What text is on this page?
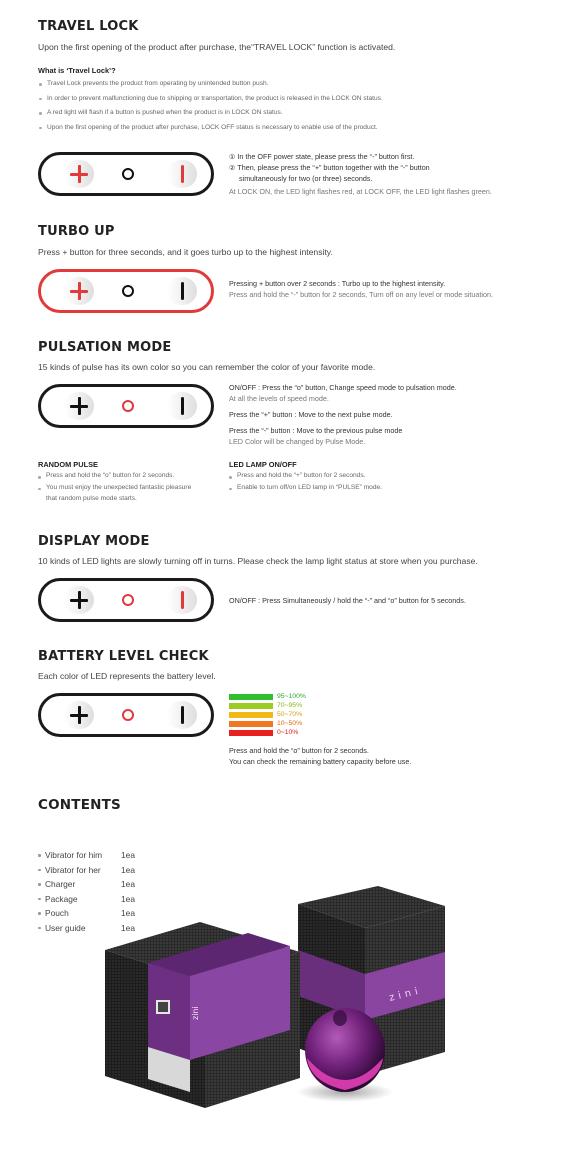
TRAVEL LOCK
Upon the first opening of the product after purchase, the“TRAVEL LOCK” function is activated.
What is ‘Travel Lock’?
Travel Lock prevents the product from operating by unintended button push.
In order to prevent malfunctioning due to shipping or transportation, the product is released in the LOCK ON status.
A red light will flash if a button is pushed when the product is in LOCK ON status.
Upon the first opening of the product after purchase, LOCK OFF status is necessary to enable use of the product.
① In the OFF power state, please press the “-” button first.
② Then, please press the “+” button together with the “-” button
simultaneously for two (or three) seconds.
At LOCK ON, the LED light flashes red, at LOCK OFF, the LED light flashes green.
TURBO UP
Press + button for three seconds, and it goes turbo up to the highest intensity.
Pressing + button over 2 seconds : Turbo up to the highest intensity.
Press and hold the “-” button for 2 seconds, Turn off on any level or mode situation.
PULSATION MODE
15 kinds of pulse has its own color so you can remember the color of your favorite mode.
ON/OFF : Press the “o” button, Change speed mode to pulsation mode.
At all the levels of speed mode.
Press the “+” button : Move to the next pulse mode.
Press the “-” button : Move to the previous pulse mode
LED Color will be changed by Pulse Mode.
RANDOM PULSE
Press and hold the “o” button for 2 seconds.
You must enjoy the unexpected fantastic pleasure
that random pulse mode starts.
LED LAMP ON/OFF
Press and hold the “+” button for 2 seconds.
Enable to turn off/on LED lamp in “PULSE” mode.
DISPLAY MODE
10 kinds of LED lights are slowly turning off in turns. Please check the lamp light status at store when you purchase.
ON/OFF : Press Simultaneously / hold the “-” and “o” button for 5 seconds.
BATTERY LEVEL CHECK
Each color of LED represents the battery level.
95~100%
70~95%
50~70%
10~50%
0~10%
Press and hold the “o” button for 2 seconds.
You can check the remaining battery capacity before use.
CONTENTS
Vibrator for him	1ea
Vibrator for her	1ea
Charger	1ea
Package	1ea
Pouch	1ea
User guide	1ea
zini
zini
